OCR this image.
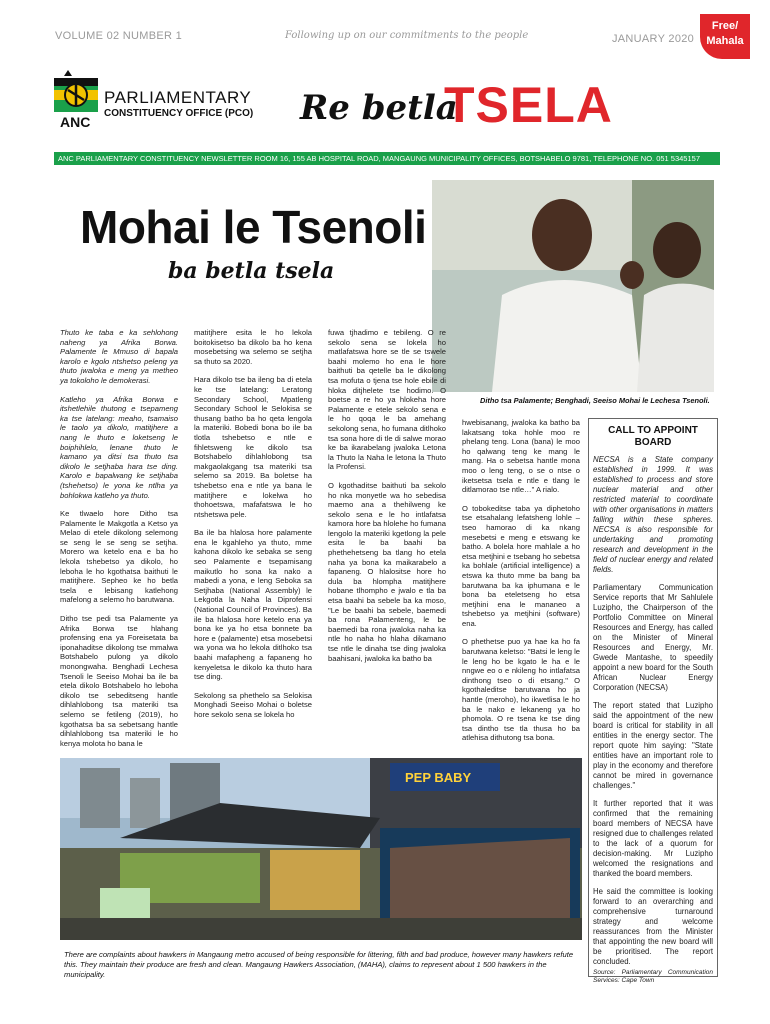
VOLUME 02 NUMBER 1	Following up on our commitments to the people	JANUARY 2020
Free/
Mahala
ANC
PARLIAMENTARY
CONSTITUENCY OFFICE (PCO) Re betla
TSELA
ANC PARLIAMENTARY CONSTITUENCY NEWSLETTER ROOM 16, 155 AB HOSPITAL ROAD, MANGAUNG MUNICIPALITY OFFICES, BOTSHABELO 9781, TELEPHONE NO. 051 5345157
Mohai le Tsenoli
ba betla tsela
Ditho tsa Palamente; Benghadi, Seeiso Mohai le Lechesa Tsenoli.

Thuto ke taba e ka sehlohong naheng ya Afrika Borwa. Palamente le Mmuso di bapala karolo e kgolo ntshetso peleng ya thuto jwaloka e meng ya metheo ya tokoloho le demokerasi.

Katleho ya Afrika Borwa e itshetlehile thutong e tsepameng ka tse latelang: meaho, tsamaiso le taolo ya dikolo, matitjhere a nang le thuto e loketseng le boiphihlelo, lenane thuto le kamano ya ditsi tsa thuto tsa dikolo le setjhaba hara tse ding. Karolo e bapalwang ke setjhaba (tshehetso) le yona ke ntlha ya bohlokwa katleho ya thuto.

Ke tlwaelo hore Ditho tsa Palamente le Makgotla a Ketso ya Melao di etele dikolong selemong se seng le se seng se setjha. Morero wa ketelo ena e ba ho lekola tshebetso ya dikolo, ho leboha le ho kgothatsa baithuti le matitjhere. Sepheo ke ho betla tsela e lebisang katlehong mafelong a selemo ho barutwana.

Ditho tse pedi tsa Palamente ya Afrika Borwa tse hlahang profensing ena ya Foreisetata ba iponahaditse dikolong tse mmalwa Botshabelo pulong ya dikolo monongwaha. Benghadi Lechesa Tsenoli le Seeiso Mohai ba ile ba etela dikolo Botshabelo ho leboha dikolo tse sebeditseng hantle dihlahlobong tsa materiki tsa selemo se fetileng (2019), ho kgothatsa ba sa sebetsang hantle dihlahlobong tsa materiki le ho kenya molota ho bana le

matitjhere esita le ho lekola boitokisetso ba dikolo ba ho kena mosebetsing wa selemo se setjha sa thuto sa 2020.

Hara dikolo tse ba ileng ba di etela ke tse latelang: Leratong Secondary School, Mpatleng Secondary School le Selokisa se thusang batho ba ho qeta lengola la materiki. Bobedi bona bo ile ba tlotla tshebetso e ntle e fihletsweng ke dikolo tsa Botshabelo dihlahlobong tsa makgaolakgang tsa materiki tsa selemo sa 2019. Ba boletse ha tshebetso ena e ntle ya bana le matitjhere e lokelwa ho thohoetswa, mafafatswa le ho ntshetswa pele.

Ba ile ba hlalosa hore palamente ena le kgahleho ya thuto, mme kahona dikolo ke sebaka se seng seo Palamente e tsepamisang maikutlo ho sona ka nako a mabedi a yona, e leng Seboka sa Setjhaba (National Assembly) le Lekgotla la Naha la Diprofensi (National Council of Provinces). Ba ile ba hlalosa hore ketelo ena ya bona ke ya ho etsa bonnete ba hore e (palamente) etsa mosebetsi wa yona wa ho lekola ditlhoko tsa baahi mafapheng a fapaneng ho kenyeletsa le dikolo ka thuto hara tse ding.

Sekolong sa phethelo sa Selokisa Monghadi Seeiso Mohai o boletse hore sekolo sena se lokela ho

fuwa tjhadimo e tebileng. O re sekolo sena se lokela ho matlafatswa hore se tle se tswele baahi molemo ho ena le hore baithuti ba qetelle ba le dikolong tsa mofuta o tjena tse hole ebile di hloka ditjhelete tse hodimo. O boetse a re ho ya hlokeha hore Palamente e etele sekolo sena e le ho qoqa le ba amehang sekolong sena, ho fumana ditlhoko tsa sona hore di tle di salwe morao ke ba ikarabelang jwaloka Letona la Thuto la Naha le letona la Thuto la Profensi.

O kgothaditse baithuti ba sekolo ho nka monyetle wa ho sebedisa maemo ana a thehilweng ke sekolo sena e le ho intlafatsa kamora hore ba hlolehe ho fumana lengolo la materiki kgetlong la pele esita le ba baahi ba phethehetseng ba tlang ho etela naha ya bona ka maikarabelo a fapaneng. O hlalositse hore ho dula ba hlompha matitjhere hobane tlhompho e jwalo e tla ba etsa baahi ba sebele ba ka moso, "Le be baahi ba sebele, baemedi ba rona Palamenteng, le be baemedi ba rona jwaloka naha ka ntle ho naha ho hlaha dikamano tse ntle le dinaha tse ding jwaloka baahisani, jwaloka ka batho ba

hwebisanang, jwaloka ka batho ba lakatsang toka hohle moo re phelang teng. Lona (bana) le moo ho qalwang teng ke mang le mang. Ha o sebetsa hantle mona moo o leng teng, o se o ntse o iketsetsa tsela e ntle e tlang le ditlamorao tse ntle…" A rialo.

O tobokeditse taba ya diphetoho tse etsahalang lefatsheng lohle – tseo hamorao di ka nkang mesebetsi e meng e etswang ke batho. A bolela hore mahlale a ho etsa metjhini e tsebang ho sebetsa ka bohlale (artificial intelligence) a etswa ka thuto mme ba bang ba barutwana ba ka iphumana e le bona ba eteletseng ho etsa metjhini ena le mananeo a tshebetso ya metjhini (software) ena.

O phethetse puo ya hae ka ho fa barutwana keletso: "Batsi le leng le le leng ho be kgato le ha e le nngwe eo o e nkileng ho intlafatsa dinthong tseo o di etsang." O kgothaleditse barutwana ho ja hantle (meroho), ho ikwetlisa le ho ba le nako e lekaneng ya ho phomola. O re tsena ke tse ding tsa dintho tse tla thusa ho ba atlehisa dithutong tsa bona.

CALL TO APPOINT
BOARD

NECSA is a State company established in 1999. It was established to process and store nuclear material and other restricted material to coordinate with other organisations in matters falling within these spheres. NECSA is also responsible for undertaking and promoting research and development in the field of nuclear energy and related fields.

Parliamentary Communication Service reports that Mr Sahlulele Luzipho, the Chairperson of the Portfolio Committee on Mineral Resources and Energy, has called on the Minister of Mineral Resources and Energy, Mr. Gwede Mantashe, to speedily appoint a new board for the South African Nuclear Energy Corporation (NECSA)

The report stated that Luzipho said the appointment of the new board is critical for stability in all entities in the energy sector. The report quote him saying: "State entities have an important role to play in the economy and therefore cannot be mired in governance challenges."

It further reported that it was confirmed that the remaining board members of NECSA have resigned due to challenges related to the lack of a quorum for decision-making. Mr Luzipho welcomed the resignations and thanked the board members.

He said the committee is looking forward to an overarching and comprehensive turnaround strategy and welcome reassurances from the Minister that appointing the new board will be prioritised. The report concluded.

Source: Parliamentary Communication Services: Cape Town
PEP BABY
There are complaints about hawkers in Mangaung metro accused of being responsible for littering, filth and bad produce, however many hawkers refute this. They maintain their produce are fresh and clean. Mangaung Hawkers Association, (MAHA), claims to represent about 1 500 hawkers in the municipality.
